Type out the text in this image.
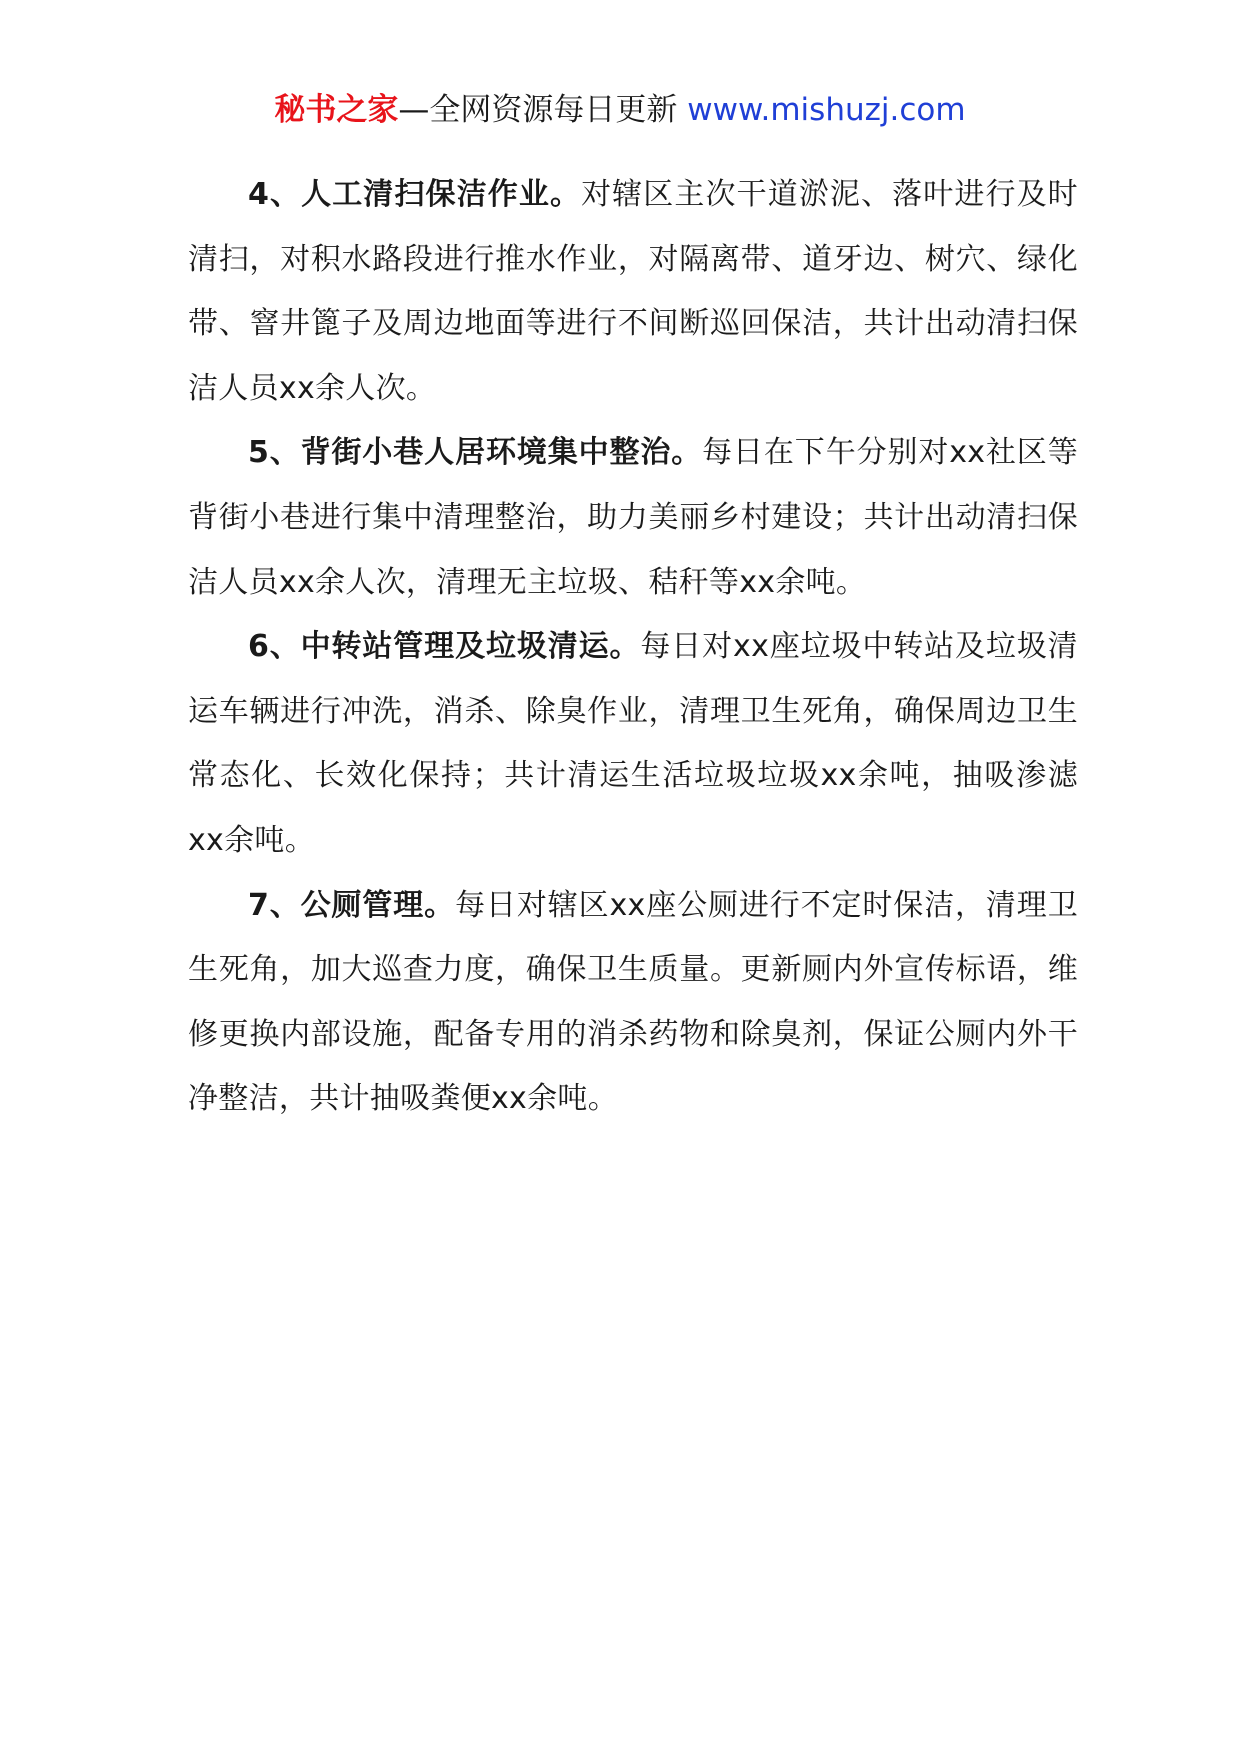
秘书之家—全网资源每日更新 www.mishuzj.com

4、人工清扫保洁作业。对辖区主次干道淤泥、落叶进行及时清扫，对积水路段进行推水作业，对隔离带、道牙边、树穴、绿化带、窨井篦子及周边地面等进行不间断巡回保洁，共计出动清扫保洁人员xx余人次。

5、背街小巷人居环境集中整治。每日在下午分别对xx社区等背街小巷进行集中清理整治，助力美丽乡村建设；共计出动清扫保洁人员xx余人次，清理无主垃圾、秸秆等xx余吨。

6、中转站管理及垃圾清运。每日对xx座垃圾中转站及垃圾清运车辆进行冲洗，消杀、除臭作业，清理卫生死角，确保周边卫生常态化、长效化保持；共计清运生活垃圾垃圾xx余吨，抽吸渗滤xx余吨。

7、公厕管理。每日对辖区xx座公厕进行不定时保洁，清理卫生死角，加大巡查力度，确保卫生质量。更新厕内外宣传标语，维修更换内部设施，配备专用的消杀药物和除臭剂，保证公厕内外干净整洁，共计抽吸粪便xx余吨。
